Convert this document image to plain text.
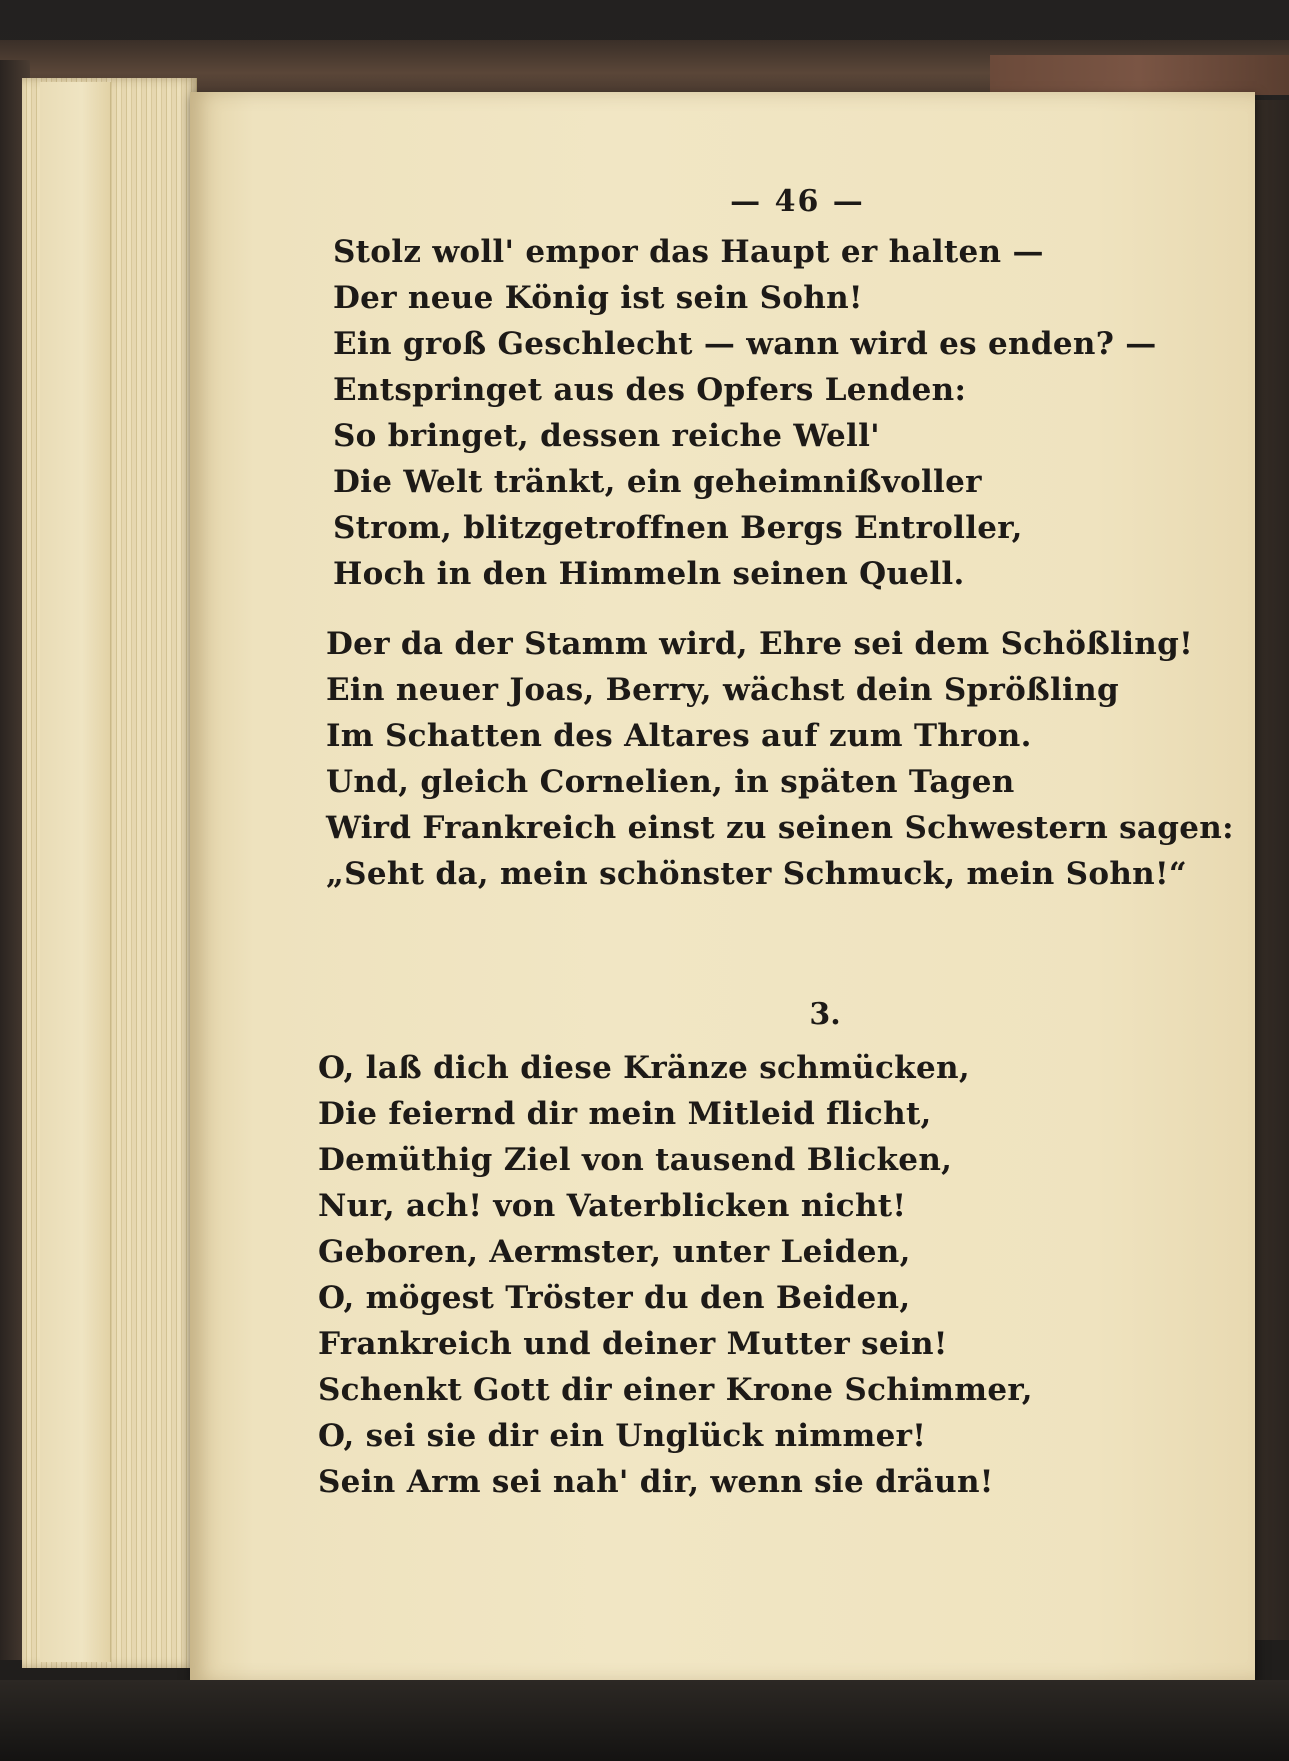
— 46 —
Stolz woll' empor das Haupt er halten —
Der neue König ist sein Sohn!
Ein groß Geschlecht — wann wird es enden? —
Entspringet aus des Opfers Lenden:
So bringet, dessen reiche Well'
Die Welt tränkt, ein geheimnißvoller
Strom, blitzgetroffnen Bergs Entroller,
Hoch in den Himmeln seinen Quell.
Der da der Stamm wird, Ehre sei dem Schößling!
Ein neuer Joas, Berry, wächst dein Sprößling
Im Schatten des Altares auf zum Thron.
Und, gleich Cornelien, in späten Tagen
Wird Frankreich einst zu seinen Schwestern sagen:
„Seht da, mein schönster Schmuck, mein Sohn!“
3.
O, laß dich diese Kränze schmücken,
Die feiernd dir mein Mitleid flicht,
Demüthig Ziel von tausend Blicken,
Nur, ach! von Vaterblicken nicht!
Geboren, Aermster, unter Leiden,
O, mögest Tröster du den Beiden,
Frankreich und deiner Mutter sein!
Schenkt Gott dir einer Krone Schimmer,
O, sei sie dir ein Unglück nimmer!
Sein Arm sei nah' dir, wenn sie dräun!
